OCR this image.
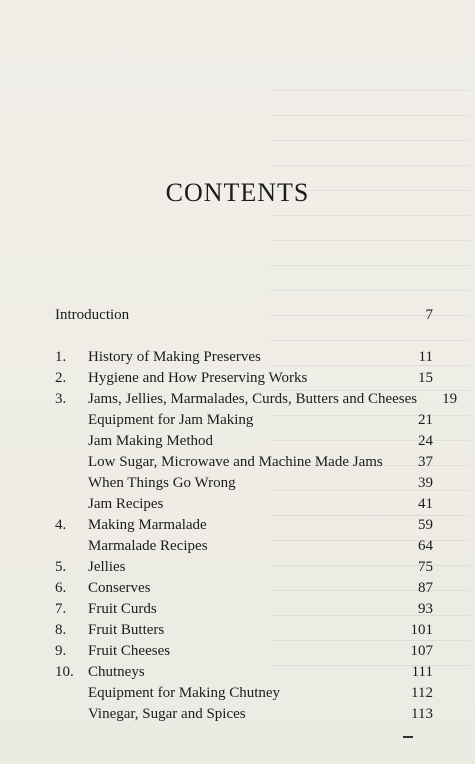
CONTENTS
Introduction	7
1.	History of Making Preserves	11
2.	Hygiene and How Preserving Works	15
3.	Jams, Jellies, Marmalades, Curds, Butters and Cheeses	19
Equipment for Jam Making	21
Jam Making Method	24
Low Sugar, Microwave and Machine Made Jams	37
When Things Go Wrong	39
Jam Recipes	41
4.	Making Marmalade	59
Marmalade Recipes	64
5.	Jellies	75
6.	Conserves	87
7.	Fruit Curds	93
8.	Fruit Butters	101
9.	Fruit Cheeses	107
10. Chutneys	111
Equipment for Making Chutney	112
Vinegar, Sugar and Spices	113
